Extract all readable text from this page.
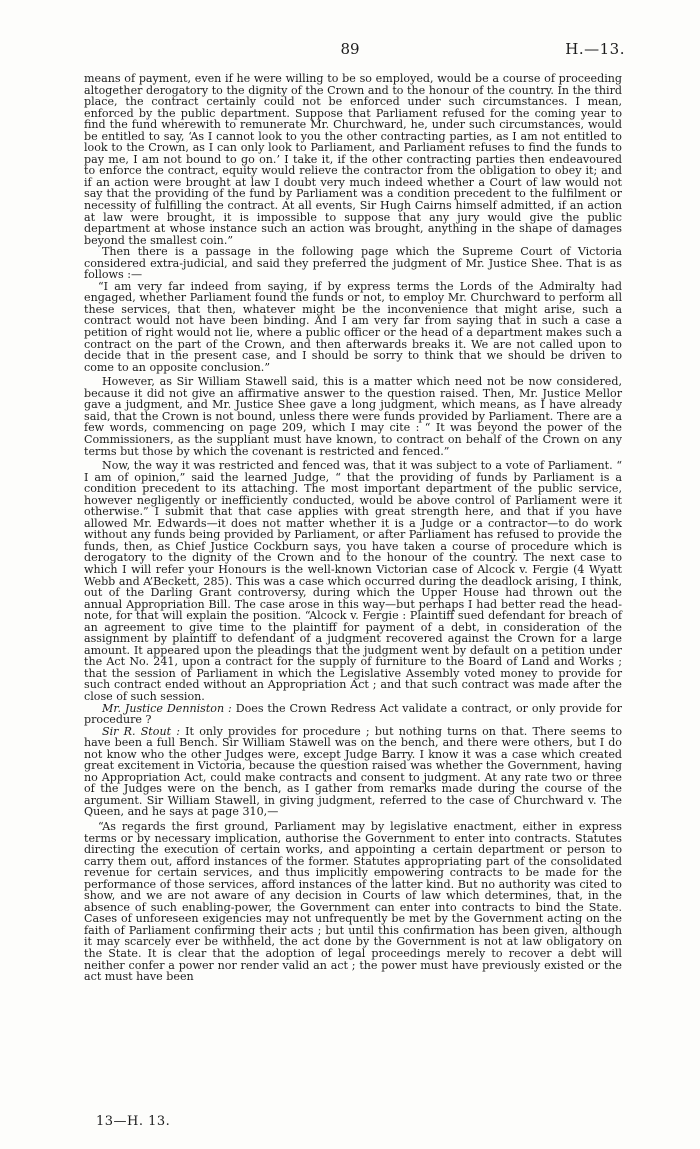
89	H.—13.

means of payment, even if he were willing to be so employed, would be a course of proceeding altogether derogatory to the dignity of the Crown and to the honour of the country. In the third place, the contract certainly could not be enforced under such circumstances. I mean, enforced by the public department. Suppose that Parliament refused for the coming year to find the fund wherewith to remunerate Mr. Churchward, he, under such circumstances, would be entitled to say, ‘As I cannot look to you the other contracting parties, as I am not entitled to look to the Crown, as I can only look to Parliament, and Parliament refuses to find the funds to pay me, I am not bound to go on.’ I take it, if the other contracting parties then endeavoured to enforce the contract, equity would relieve the contractor from the obligation to obey it; and if an action were brought at law I doubt very much indeed whether a Court of law would not say that the providing of the fund by Parliament was a condition precedent to the fulfilment or necessity of fulfilling the contract. At all events, Sir Hugh Cairns himself admitted, if an action at law were brought, it is impossible to suppose that any jury would give the public department at whose instance such an action was brought, anything in the shape of damages beyond the smallest coin.”

Then there is a passage in the following page which the Supreme Court of Victoria considered extra-judicial, and said they preferred the judgment of Mr. Justice Shee. That is as follows :—

“I am very far indeed from saying, if by express terms the Lords of the Admiralty had engaged, whether Parliament found the funds or not, to employ Mr. Churchward to perform all these services, that then, whatever might be the inconvenience that might arise, such a contract would not have been binding. And I am very far from saying that in such a case a petition of right would not lie, where a public officer or the head of a department makes such a contract on the part of the Crown, and then afterwards breaks it. We are not called upon to decide that in the present case, and I should be sorry to think that we should be driven to come to an opposite conclusion.”

However, as Sir William Stawell said, this is a matter which need not be now considered, because it did not give an affirmative answer to the question raised. Then, Mr. Justice Mellor gave a judgment, and Mr. Justice Shee gave a long judgment, which means, as I have already said, that the Crown is not bound, unless there were funds provided by Parliament. There are a few words, commencing on page 209, which I may cite : “ It was beyond the power of the Commissioners, as the suppliant must have known, to contract on behalf of the Crown on any terms but those by which the covenant is restricted and fenced.”

Now, the way it was restricted and fenced was, that it was subject to a vote of Parliament. “ I am of opinion,” said the learned Judge, “ that the providing of funds by Parliament is a condition precedent to its attaching. The most important department of the public service, however negligently or inefficiently conducted, would be above control of Parliament were it otherwise.” I submit that that case applies with great strength here, and that if you have allowed Mr. Edwards—it does not matter whether it is a Judge or a contractor—to do work without any funds being provided by Parliament, or after Parliament has refused to provide the funds, then, as Chief Justice Cockburn says, you have taken a course of procedure which is derogatory to the dignity of the Crown and to the honour of the country. The next case to which I will refer your Honours is the well-known Victorian case of Alcock v. Fergie (4 Wyatt Webb and A’Beckett, 285). This was a case which occurred during the deadlock arising, I think, out of the Darling Grant controversy, during which the Upper House had thrown out the annual Appropriation Bill. The case arose in this way—but perhaps I had better read the head-note, for that will explain the position. “Alcock v. Fergie : Plaintiff sued defendant for breach of an agreement to give time to the plaintiff for payment of a debt, in consideration of the assignment by plaintiff to defendant of a judgment recovered against the Crown for a large amount. It appeared upon the pleadings that the judgment went by default on a petition under the Act No. 241, upon a contract for the supply of furniture to the Board of Land and Works ; that the session of Parliament in which the Legislative Assembly voted money to provide for such contract ended without an Appropriation Act ; and that such contract was made after the close of such session.

Mr. Justice Denniston : Does the Crown Redress Act validate a contract, or only provide for procedure ?

Sir R. Stout : It only provides for procedure ; but nothing turns on that. There seems to have been a full Bench. Sir William Stawell was on the bench, and there were others, but I do not know who the other Judges were, except Judge Barry. I know it was a case which created great excitement in Victoria, because the question raised was whether the Government, having no Appropriation Act, could make contracts and consent to judgment. At any rate two or three of the Judges were on the bench, as I gather from remarks made during the course of the argument. Sir William Stawell, in giving judgment, referred to the case of Churchward v. The Queen, and he says at page 310,—

“As regards the first ground, Parliament may by legislative enactment, either in express terms or by necessary implication, authorise the Government to enter into contracts. Statutes directing the execution of certain works, and appointing a certain department or person to carry them out, afford instances of the former. Statutes appropriating part of the consolidated revenue for certain services, and thus implicitly empowering contracts to be made for the performance of those services, afford instances of the latter kind. But no authority was cited to show, and we are not aware of any decision in Courts of law which determines, that, in the absence of such enabling-power, the Government can enter into contracts to bind the State. Cases of unforeseen exigencies may not unfrequently be met by the Government acting on the faith of Parliament confirming their acts ; but until this confirmation has been given, although it may scarcely ever be withheld, the act done by the Government is not at law obligatory on the State. It is clear that the adoption of legal proceedings merely to recover a debt will neither confer a power nor render valid an act ; the power must have previously existed or the act must have been

13—H. 13.
